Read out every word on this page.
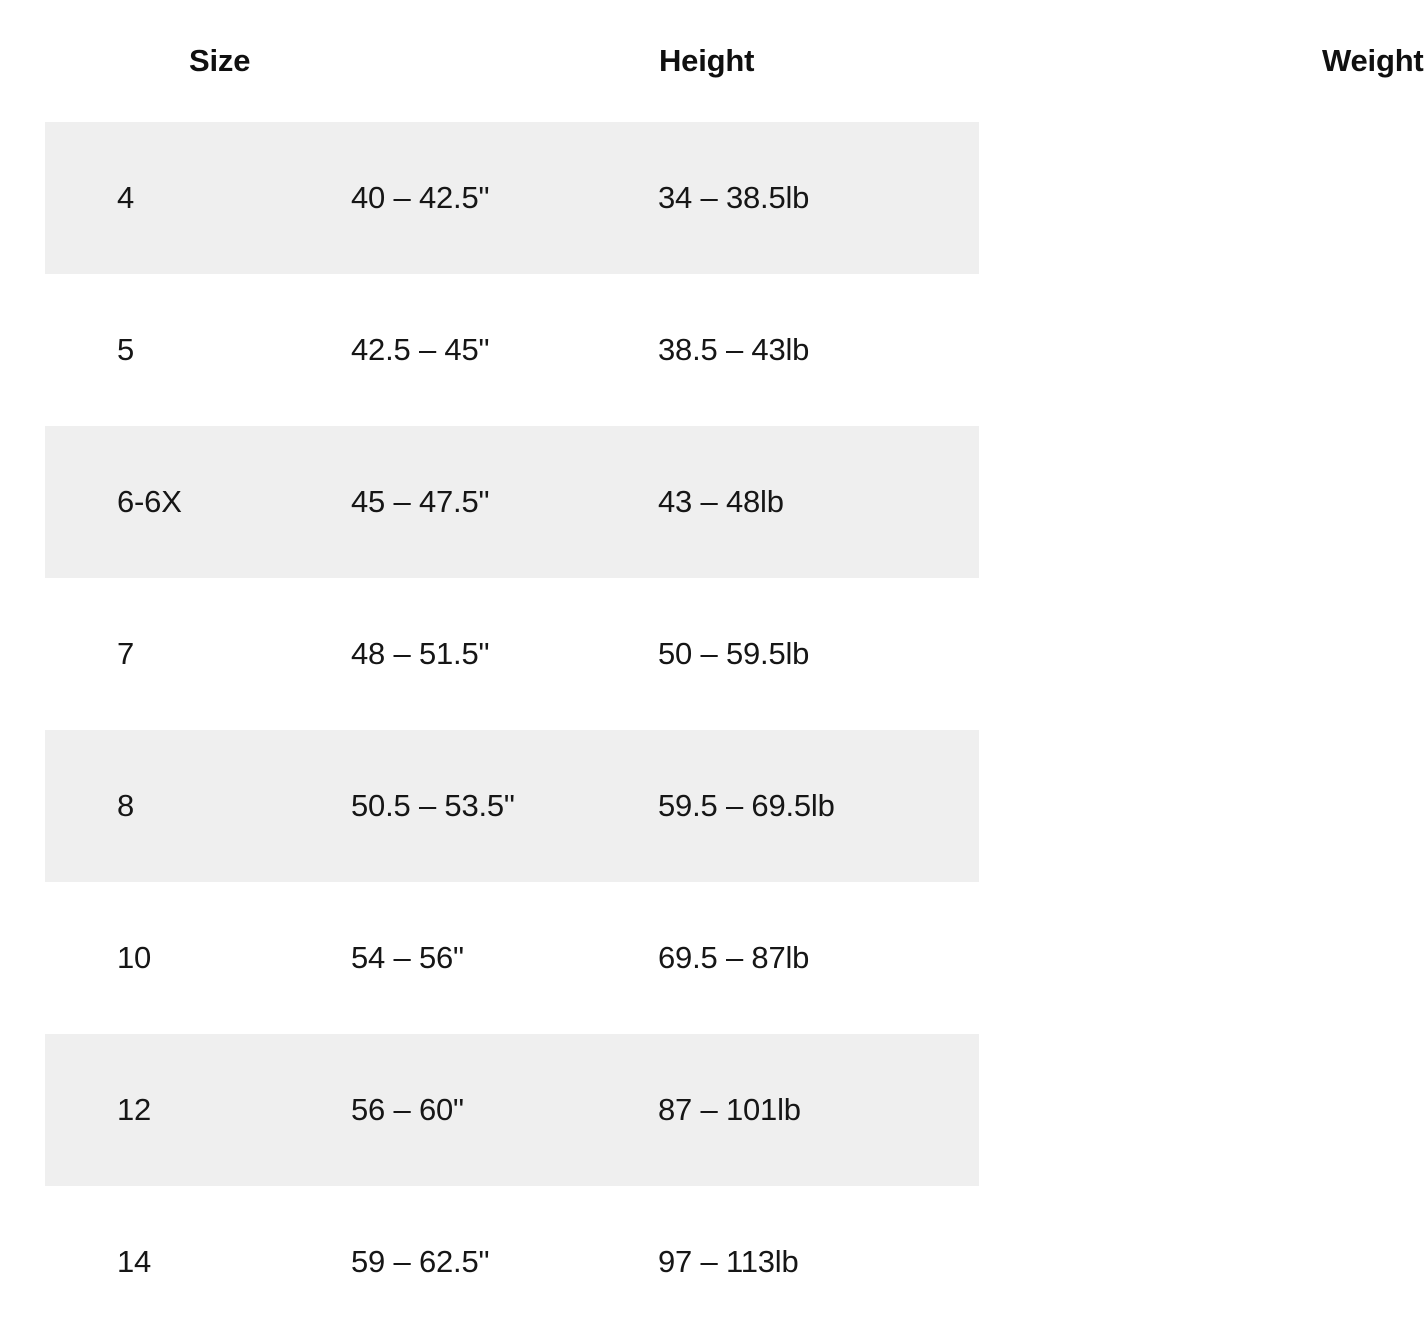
Size	Height	Weight
4	40 – 42.5"	34 – 38.5lb
5	42.5 – 45"	38.5 – 43lb
6-6X	45 – 47.5"	43 – 48lb
7	48 – 51.5"	50 – 59.5lb
8	50.5 – 53.5"	59.5 – 69.5lb
10	54 – 56"	69.5 – 87lb
12	56 – 60"	87 – 101lb
14	59 – 62.5"	97 – 113lb
